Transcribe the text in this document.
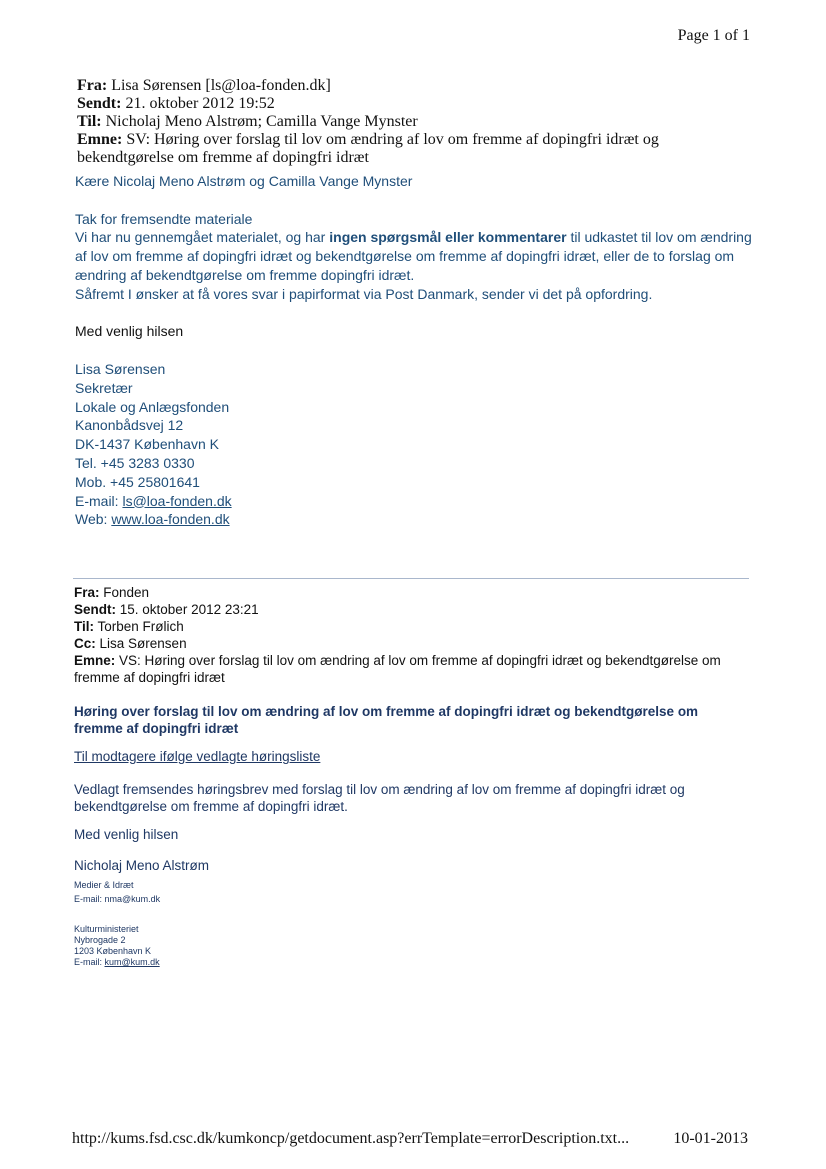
Page 1 of 1
Fra: Lisa Sørensen [ls@loa-fonden.dk]
Sendt: 21. oktober 2012 19:52
Til: Nicholaj Meno Alstrøm; Camilla Vange Mynster
Emne: SV: Høring over forslag til lov om ændring af lov om fremme af dopingfri idræt og bekendtgørelse om fremme af dopingfri idræt
Kære Nicolaj Meno Alstrøm og Camilla Vange Mynster
Tak for fremsendte materiale
Vi har nu gennemgået materialet, og har ingen spørgsmål eller kommentarer til udkastet til lov om ændring af lov om fremme af dopingfri idræt og bekendtgørelse om fremme af dopingfri idræt, eller de to forslag om ændring af bekendtgørelse om fremme dopingfri idræt.
Såfremt I ønsker at få vores svar i papirformat via Post Danmark, sender vi det på opfordring.
Med venlig hilsen
Lisa Sørensen
Sekretær
Lokale og Anlægsfonden
Kanonbådsvej 12
DK-1437 København K
Tel. +45 3283 0330
Mob. +45 25801641
E-mail: ls@loa-fonden.dk
Web: www.loa-fonden.dk
Fra: Fonden
Sendt: 15. oktober 2012 23:21
Til: Torben Frølich
Cc: Lisa Sørensen
Emne: VS: Høring over forslag til lov om ændring af lov om fremme af dopingfri idræt og bekendtgørelse om fremme af dopingfri idræt
Høring over forslag til lov om ændring af lov om fremme af dopingfri idræt og bekendtgørelse om fremme af dopingfri idræt
Til modtagere ifølge vedlagte høringsliste
Vedlagt fremsendes høringsbrev med forslag til lov om ændring af lov om fremme af dopingfri idræt og bekendtgørelse om fremme af dopingfri idræt.
Med venlig hilsen
Nicholaj Meno Alstrøm
Medier & Idræt
E-mail: nma@kum.dk
Kulturministeriet
Nybrogade 2
1203 København K
E-mail: kum@kum.dk
http://kums.fsd.csc.dk/kumkoncp/getdocument.asp?errTemplate=errorDescription.txt...	10-01-2013
